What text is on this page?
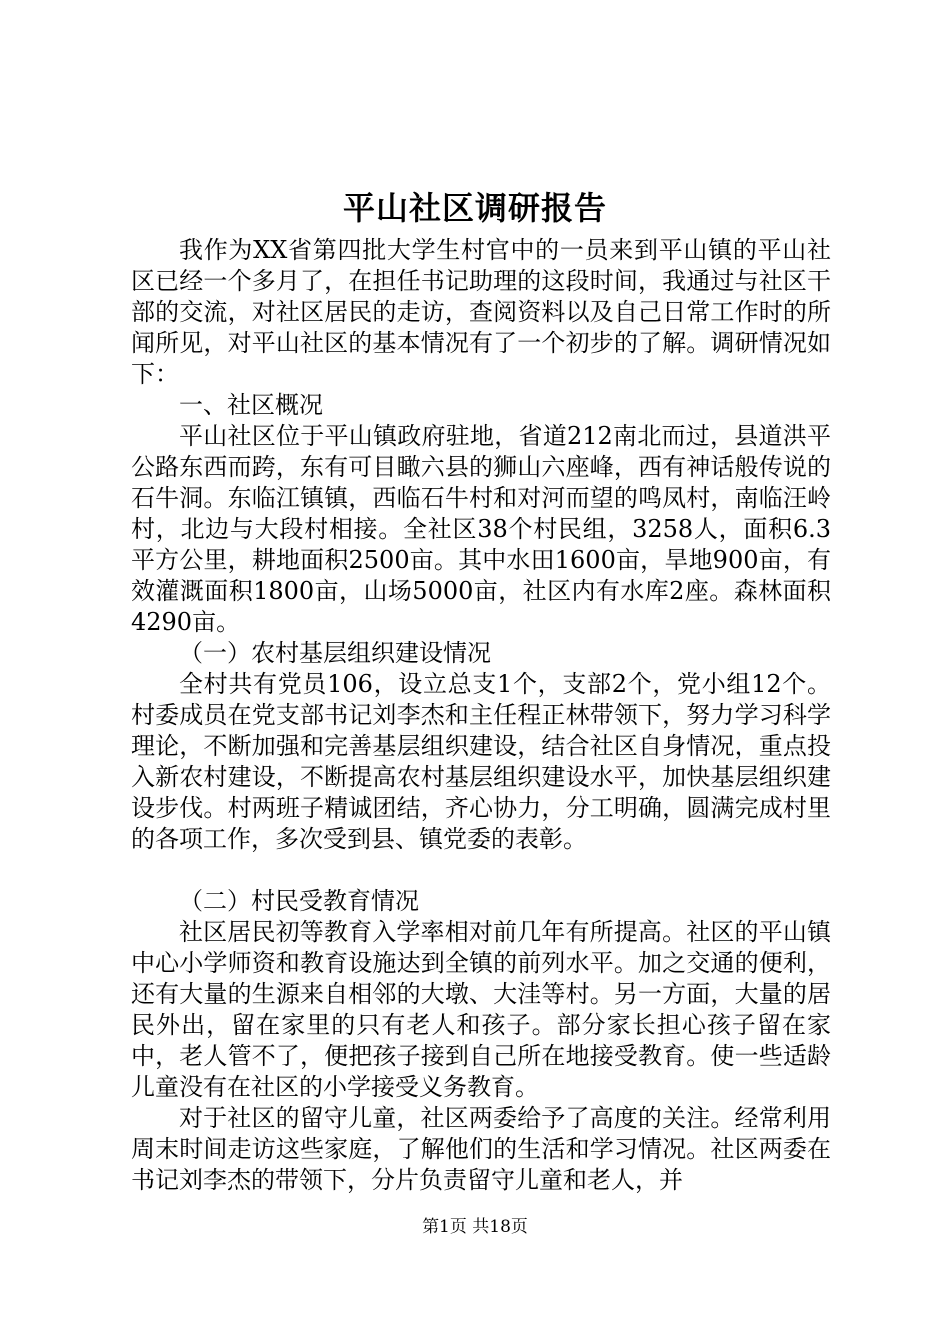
平山社区调研报告

我作为XX省第四批大学生村官中的一员来到平山镇的平山社区已经一个多月了，在担任书记助理的这段时间，我通过与社区干部的交流，对社区居民的走访，查阅资料以及自己日常工作时的所闻所见，对平山社区的基本情况有了一个初步的了解。调研情况如下：

一、社区概况

平山社区位于平山镇政府驻地，省道212南北而过，县道洪平公路东西而跨，东有可目瞰六县的狮山六座峰，西有神话般传说的石牛洞。东临江镇镇，西临石牛村和对河而望的鸣凤村，南临汪岭村，北边与大段村相接。全社区38个村民组，3258人，面积6.3平方公里，耕地面积2500亩。其中水田1600亩，旱地900亩，有效灌溉面积1800亩，山场5000亩，社区内有水库2座。森林面积4290亩。

（一）农村基层组织建设情况

全村共有党员106，设立总支1个，支部2个，党小组12个。村委成员在党支部书记刘李杰和主任程正林带领下，努力学习科学理论，不断加强和完善基层组织建设，结合社区自身情况，重点投入新农村建设，不断提高农村基层组织建设水平，加快基层组织建设步伐。村两班子精诚团结，齐心协力，分工明确，圆满完成村里的各项工作，多次受到县、镇党委的表彰。

（二）村民受教育情况

社区居民初等教育入学率相对前几年有所提高。社区的平山镇中心小学师资和教育设施达到全镇的前列水平。加之交通的便利，还有大量的生源来自相邻的大墩、大洼等村。另一方面，大量的居民外出，留在家里的只有老人和孩子。部分家长担心孩子留在家中，老人管不了，便把孩子接到自己所在地接受教育。使一些适龄儿童没有在社区的小学接受义务教育。

对于社区的留守儿童，社区两委给予了高度的关注。经常利用周末时间走访这些家庭，了解他们的生活和学习情况。社区两委在书记刘李杰的带领下，分片负责留守儿童和老人，并

第1页 共18页
